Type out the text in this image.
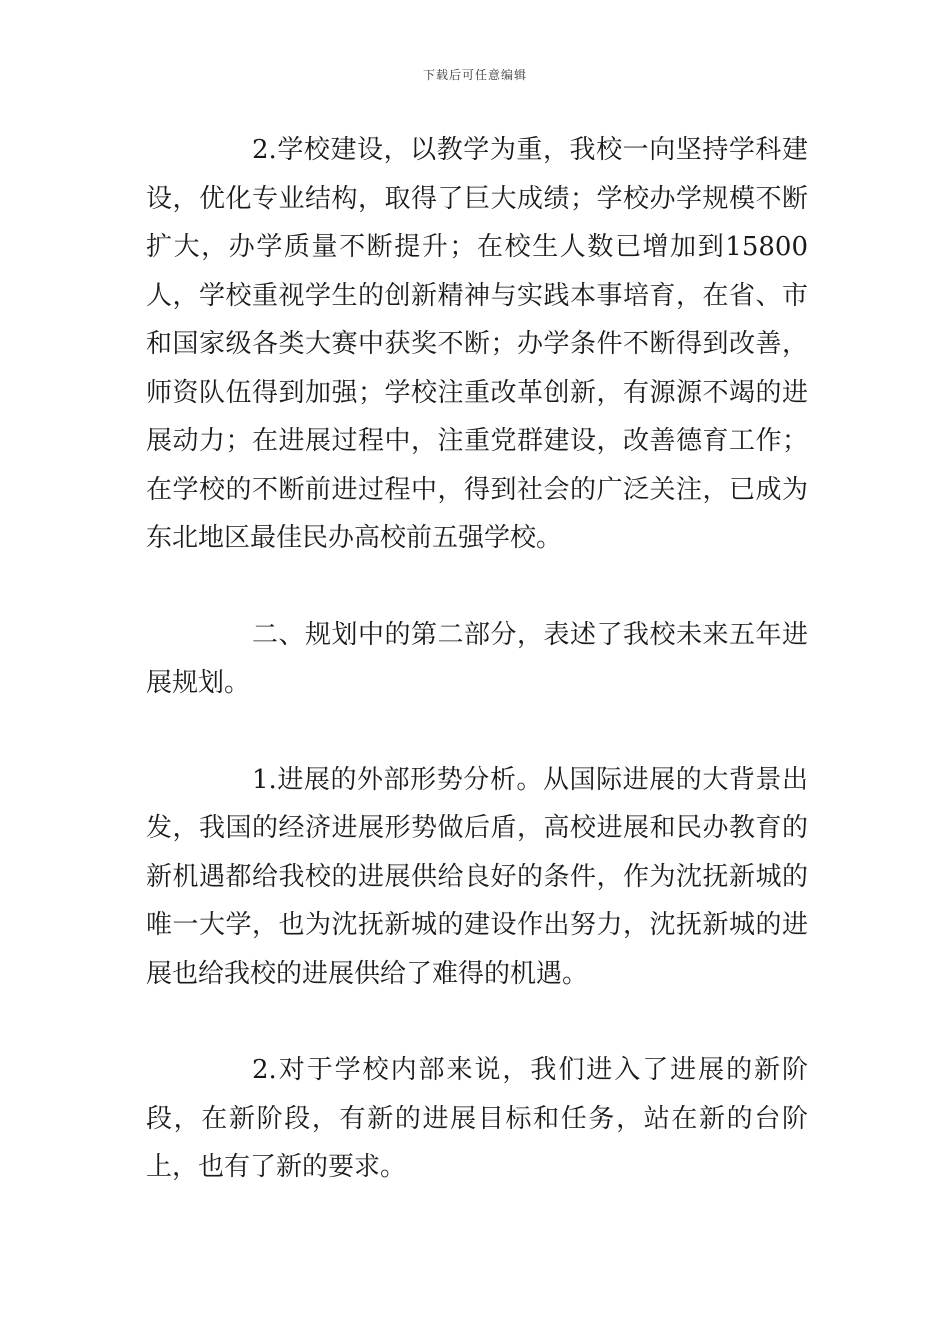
下载后可任意编辑

2.学校建设，以教学为重，我校一向坚持学科建设，优化专业结构，取得了巨大成绩；学校办学规模不断扩大，办学质量不断提升；在校生人数已增加到15800人，学校重视学生的创新精神与实践本事培育，在省、市和国家级各类大赛中获奖不断；办学条件不断得到改善，师资队伍得到加强；学校注重改革创新，有源源不竭的进展动力；在进展过程中，注重党群建设，改善德育工作；在学校的不断前进过程中，得到社会的广泛关注，已成为东北地区最佳民办高校前五强学校。

二、规划中的第二部分，表述了我校未来五年进展规划。

1.进展的外部形势分析。从国际进展的大背景出发，我国的经济进展形势做后盾，高校进展和民办教育的新机遇都给我校的进展供给良好的条件，作为沈抚新城的唯一大学，也为沈抚新城的建设作出努力，沈抚新城的进展也给我校的进展供给了难得的机遇。

2.对于学校内部来说，我们进入了进展的新阶段，在新阶段，有新的进展目标和任务，站在新的台阶上，也有了新的要求。
